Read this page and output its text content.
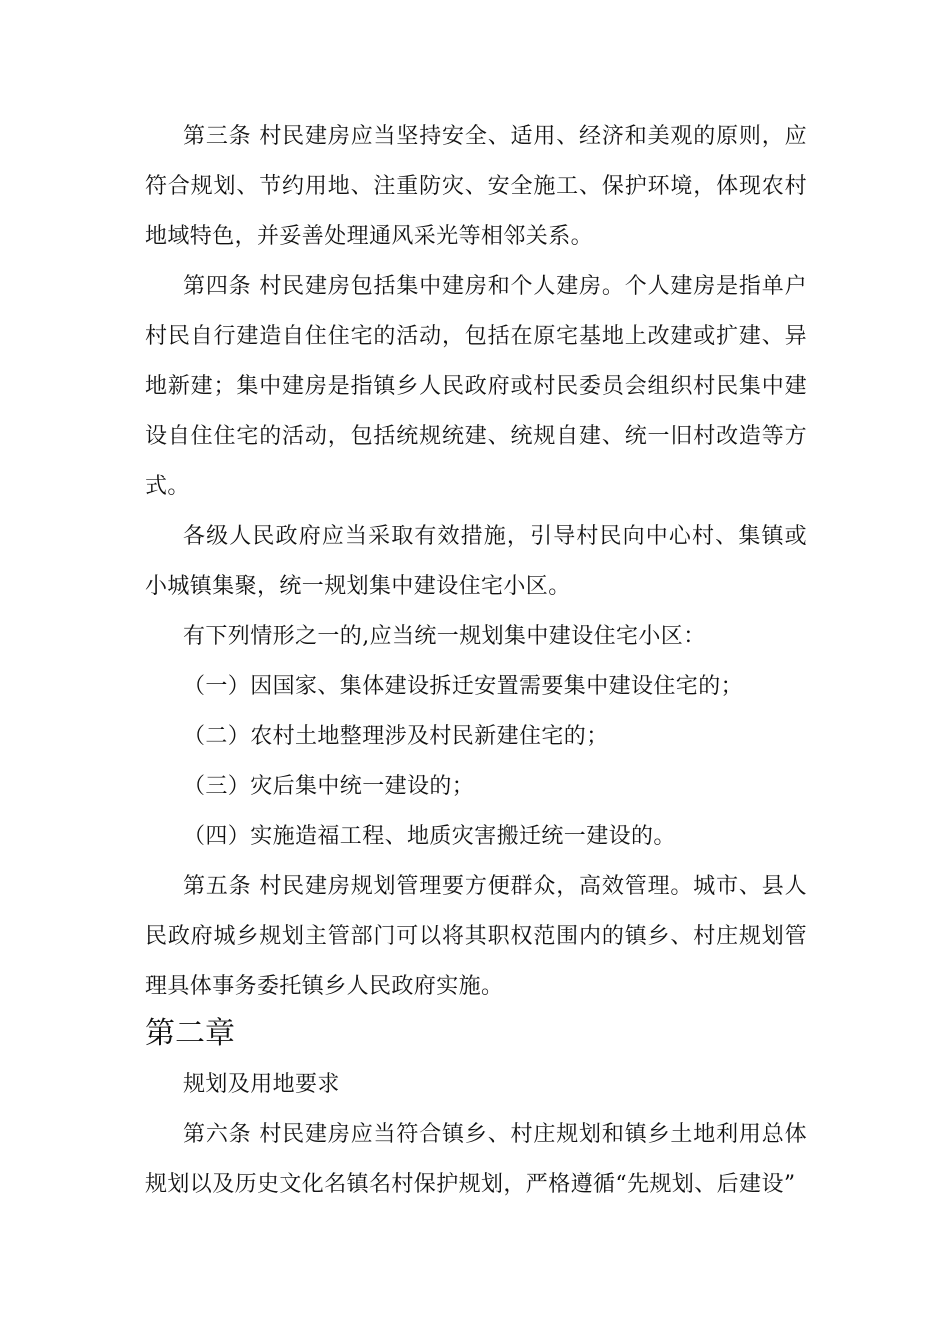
第三条 村民建房应当坚持安全、适用、经济和美观的原则，应符合规划、节约用地、注重防灾、安全施工、保护环境，体现农村地域特色，并妥善处理通风采光等相邻关系。

第四条 村民建房包括集中建房和个人建房。个人建房是指单户村民自行建造自住住宅的活动，包括在原宅基地上改建或扩建、异地新建；集中建房是指镇乡人民政府或村民委员会组织村民集中建设自住住宅的活动，包括统规统建、统规自建、统一旧村改造等方式。

各级人民政府应当采取有效措施，引导村民向中心村、集镇或小城镇集聚，统一规划集中建设住宅小区。

有下列情形之一的,应当统一规划集中建设住宅小区：

（一）因国家、集体建设拆迁安置需要集中建设住宅的；

（二）农村土地整理涉及村民新建住宅的；

（三）灾后集中统一建设的；

（四）实施造福工程、地质灾害搬迁统一建设的。

第五条 村民建房规划管理要方便群众，高效管理。城市、县人民政府城乡规划主管部门可以将其职权范围内的镇乡、村庄规划管理具体事务委托镇乡人民政府实施。

第二章

规划及用地要求

第六条 村民建房应当符合镇乡、村庄规划和镇乡土地利用总体规划以及历史文化名镇名村保护规划，严格遵循“先规划、后建设”
